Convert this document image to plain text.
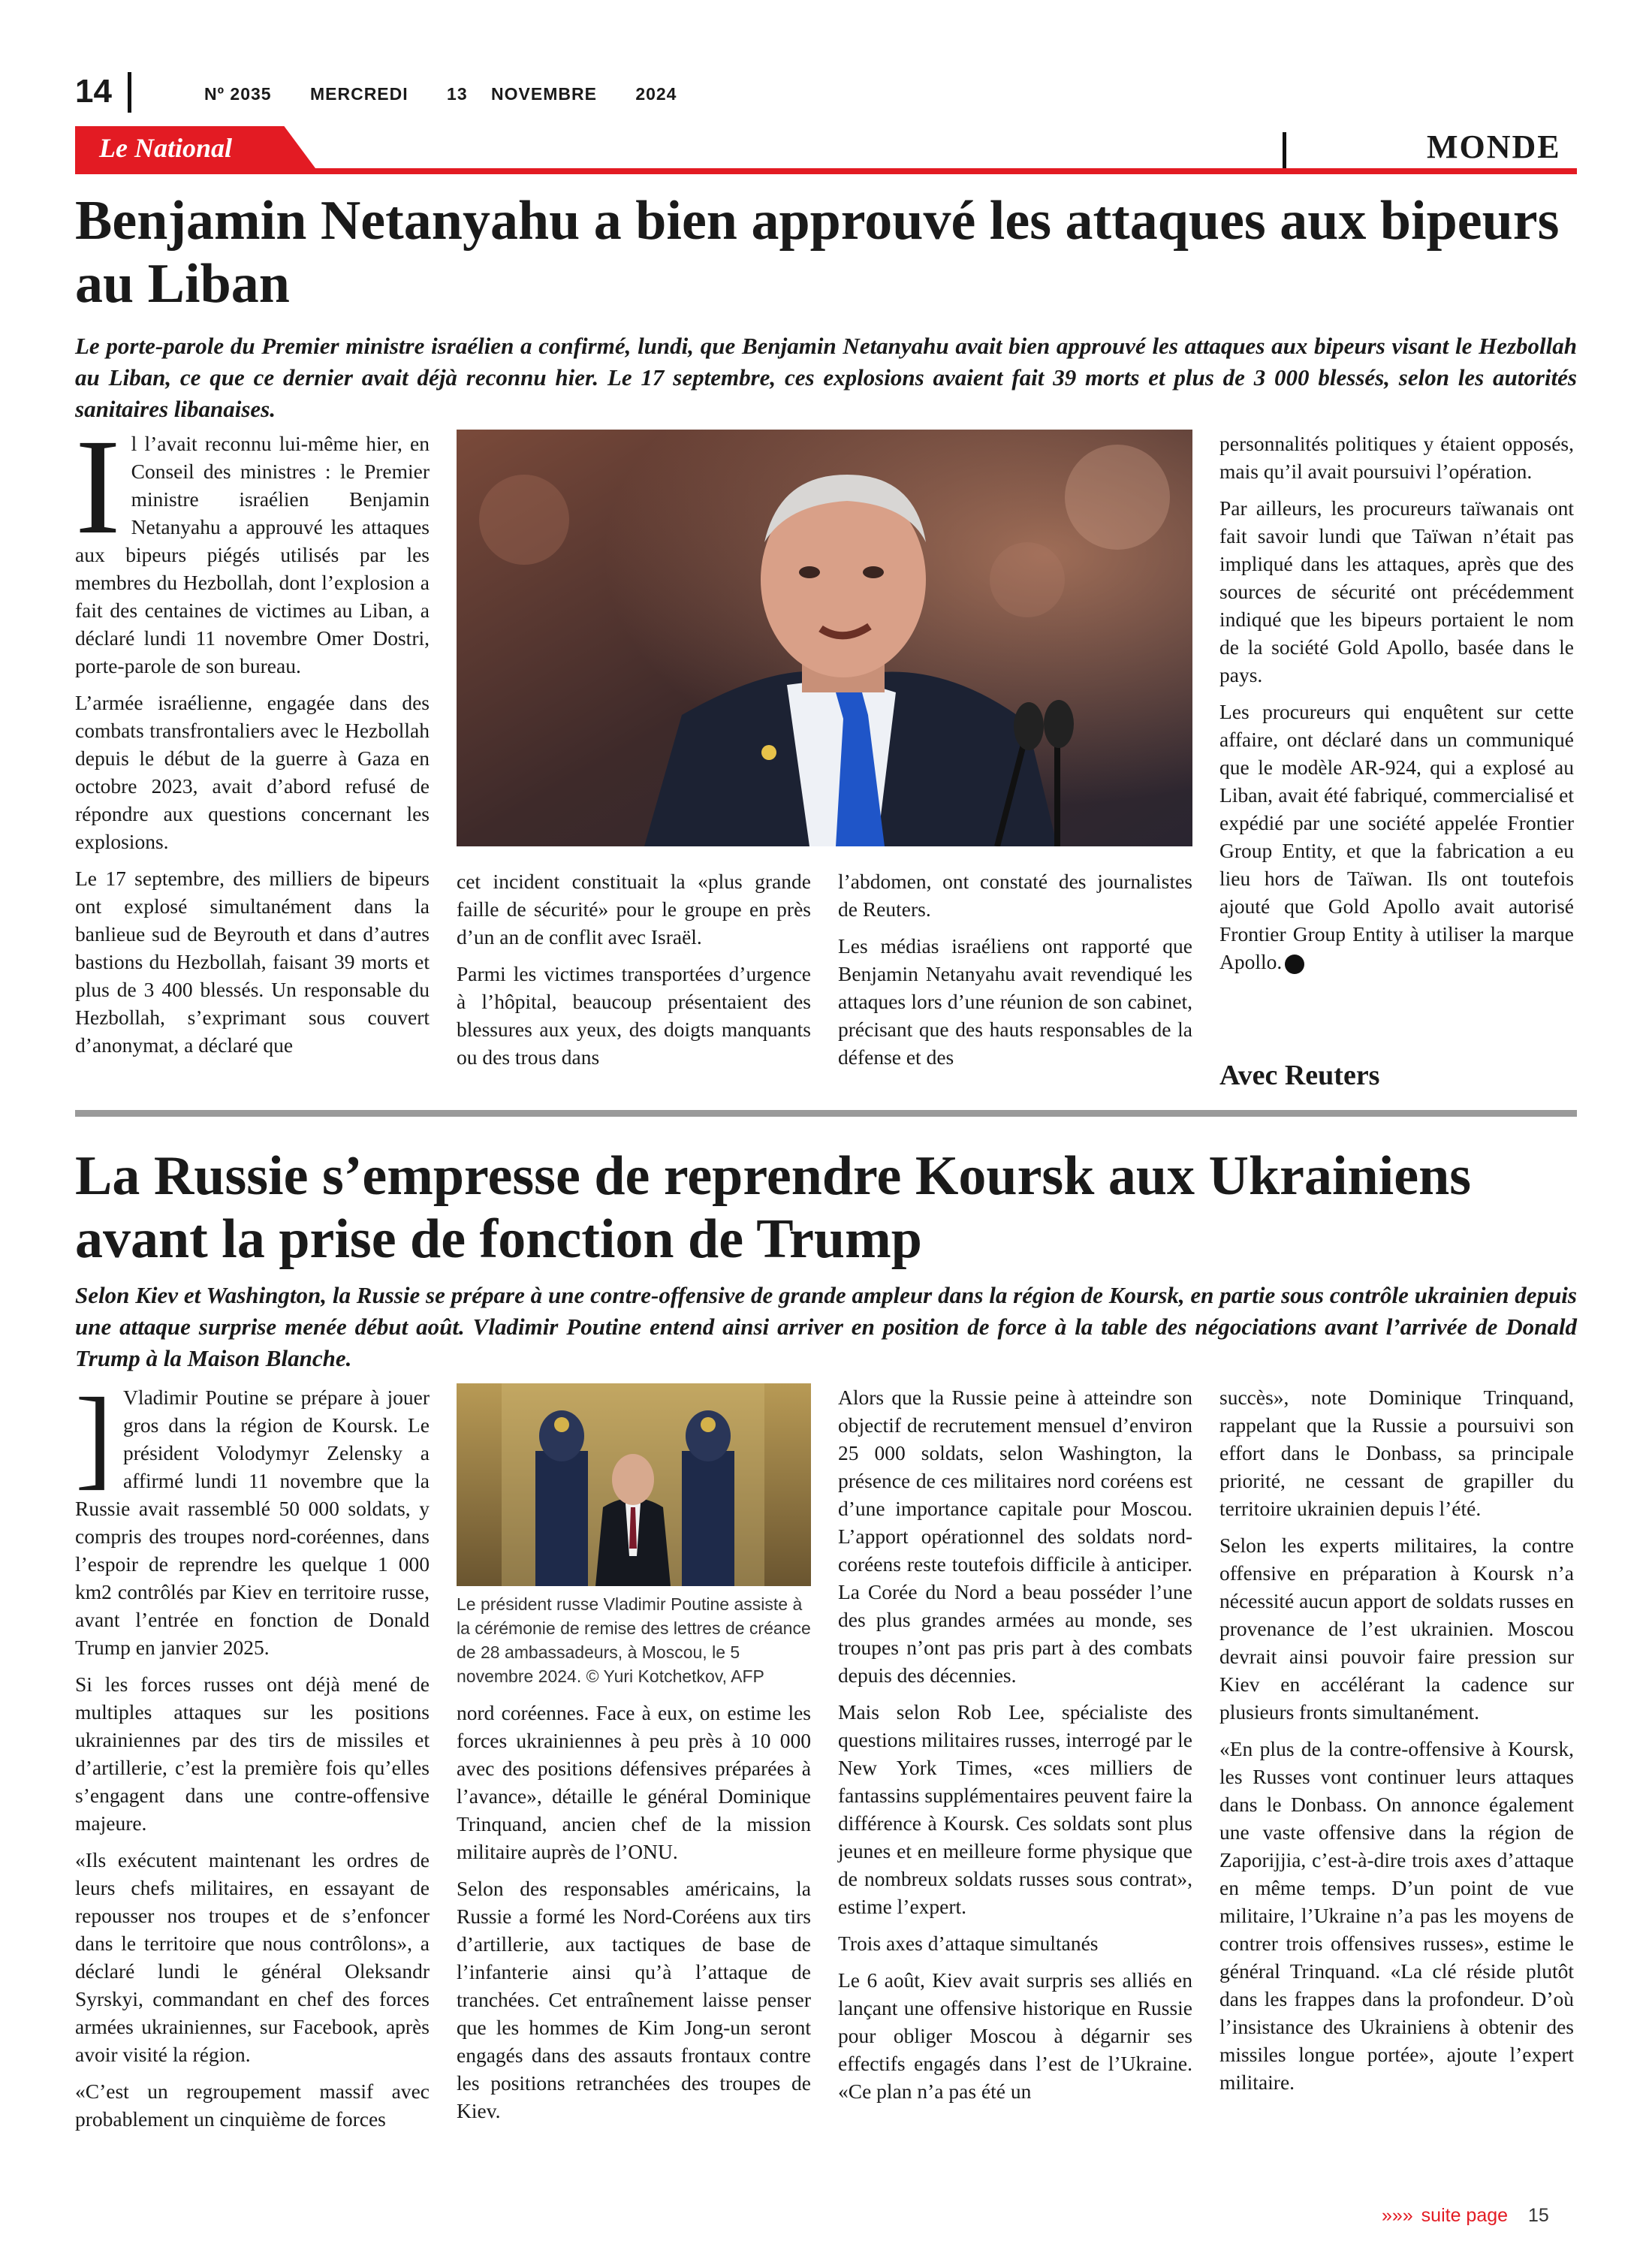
14	Nº 2035 MERCREDI 13 NOVEMBRE 2024
Le National	MONDE
Benjamin Netanyahu a bien approuvé les attaques aux bipeurs au Liban

Le porte-parole du Premier ministre israélien a confirmé, lundi, que Benjamin Netanyahu avait bien approuvé les attaques aux bipeurs visant le Hezbollah au Liban, ce que ce dernier avait déjà reconnu hier. Le 17 septembre, ces explosions avaient fait 39 morts et plus de 3 000 blessés, selon les autorités sanitaires libanaises.

Il l’avait reconnu lui-même hier, en Conseil des ministres : le Premier ministre israélien Benjamin Netanyahu a approuvé les attaques aux bipeurs piégés utilisés par les membres du Hezbollah, dont l’explosion a fait des centaines de victimes au Liban, a déclaré lundi 11 novembre Omer Dostri, porte-parole de son bureau.

L’armée israélienne, engagée dans des combats transfrontaliers avec le Hezbollah depuis le début de la guerre à Gaza en octobre 2023, avait d’abord refusé de répondre aux questions concernant les explosions.

Le 17 septembre, des milliers de bipeurs ont explosé simultanément dans la banlieue sud de Beyrouth et dans d’autres bastions du Hezbollah, faisant 39 morts et plus de 3 400 blessés. Un responsable du Hezbollah, s’exprimant sous couvert d’anonymat, a déclaré que

cet incident constituait la «plus grande faille de sécurité» pour le groupe en près d’un an de conflit avec Israël.

Parmi les victimes transportées d’urgence à l’hôpital, beaucoup présentaient des blessures aux yeux, des doigts manquants ou des trous dans

l’abdomen, ont constaté des journalistes de Reuters.

Les médias israéliens ont rapporté que Benjamin Netanyahu avait revendiqué les attaques lors d’une réunion de son cabinet, précisant que des hauts responsables de la défense et des

personnalités politiques y étaient opposés, mais qu’il avait poursuivi l’opération.

Par ailleurs, les procureurs taïwanais ont fait savoir lundi que Taïwan n’était pas impliqué dans les attaques, après que des sources de sécurité ont précédemment indiqué que les bipeurs portaient le nom de la société Gold Apollo, basée dans le pays.

Les procureurs qui enquêtent sur cette affaire, ont déclaré dans un communiqué que le modèle AR-924, qui a explosé au Liban, avait été fabriqué, commercialisé et expédié par une société appelée Frontier Group Entity, et que la fabrication a eu lieu hors de Taïwan. Ils ont toutefois ajouté que Gold Apollo avait autorisé Frontier Group Entity à utiliser la marque Apollo.

Avec Reuters
La Russie s’empresse de reprendre Koursk aux Ukrainiens avant la prise de fonction de Trump

Selon Kiev et Washington, la Russie se prépare à une contre-offensive de grande ampleur dans la région de Koursk, en partie sous contrôle ukrainien depuis une attaque surprise menée début août. Vladimir Poutine entend ainsi arriver en position de force à la table des négociations avant l’arrivée de Donald Trump à la Maison Blanche.

] Vladimir Poutine se prépare à jouer gros dans la région de Koursk. Le président Volodymyr Zelensky a affirmé lundi 11 novembre que la Russie avait rassemblé 50 000 soldats, y compris des troupes nord-coréennes, dans l’espoir de reprendre les quelque 1 000 km2 contrôlés par Kiev en territoire russe, avant l’entrée en fonction de Donald Trump en janvier 2025.

Si les forces russes ont déjà mené de multiples attaques sur les positions ukrainiennes par des tirs de missiles et d’artillerie, c’est la première fois qu’elles s’engagent dans une contre-offensive majeure.

«Ils exécutent maintenant les ordres de leurs chefs militaires, en essayant de repousser nos troupes et de s’enfoncer dans le territoire que nous contrôlons», a déclaré lundi le général Oleksandr Syrskyi, commandant en chef des forces armées ukrainiennes, sur Facebook, après avoir visité la région.

«C’est un regroupement massif avec probablement un cinquième de forces

Le président russe Vladimir Poutine assiste à la cérémonie de remise des lettres de créance de 28 ambassadeurs, à Moscou, le 5 novembre 2024. © Yuri Kotchetkov, AFP

nord coréennes. Face à eux, on estime les forces ukrainiennes à peu près à 10 000 avec des positions défensives préparées à l’avance», détaille le général Dominique Trinquand, ancien chef de la mission militaire auprès de l’ONU.

Selon des responsables américains, la Russie a formé les Nord-Coréens aux tirs d’artillerie, aux tactiques de base de l’infanterie ainsi qu’à l’attaque de tranchées. Cet entraînement laisse penser que les hommes de Kim Jong-un seront engagés dans des assauts frontaux contre les positions retranchées des troupes de Kiev.

Alors que la Russie peine à atteindre son objectif de recrutement mensuel d’environ 25 000 soldats, selon Washington, la présence de ces militaires nord coréens est d’une importance capitale pour Moscou. L’apport opérationnel des soldats nord-coréens reste toutefois difficile à anticiper. La Corée du Nord a beau posséder l’une des plus grandes armées au monde, ses troupes n’ont pas pris part à des combats depuis des décennies.

Mais selon Rob Lee, spécialiste des questions militaires russes, interrogé par le New York Times, «ces milliers de fantassins supplémentaires peuvent faire la différence à Koursk. Ces soldats sont plus jeunes et en meilleure forme physique que de nombreux soldats russes sous contrat», estime l’expert.

Trois axes d’attaque simultanés

Le 6 août, Kiev avait surpris ses alliés en lançant une offensive historique en Russie pour obliger Moscou à dégarnir ses effectifs engagés dans l’est de l’Ukraine. «Ce plan n’a pas été un

succès», note Dominique Trinquand, rappelant que la Russie a poursuivi son effort dans le Donbass, sa principale priorité, ne cessant de grapiller du territoire ukrainien depuis l’été.

Selon les experts militaires, la contre offensive en préparation à Koursk n’a nécessité aucun apport de soldats russes en provenance de l’est ukrainien. Moscou devrait ainsi pouvoir faire pression sur Kiev en accélérant la cadence sur plusieurs fronts simultanément.

«En plus de la contre-offensive à Koursk, les Russes vont continuer leurs attaques dans le Donbass. On annonce également une vaste offensive dans la région de Zaporijjia, c’est-à-dire trois axes d’attaque en même temps. D’un point de vue militaire, l’Ukraine n’a pas les moyens de contrer trois offensives russes», estime le général Trinquand. «La clé réside plutôt dans les frappes dans la profondeur. D’où l’insistance des Ukrainiens à obtenir des missiles longue portée», ajoute l’expert militaire.

»»» suite page 15
